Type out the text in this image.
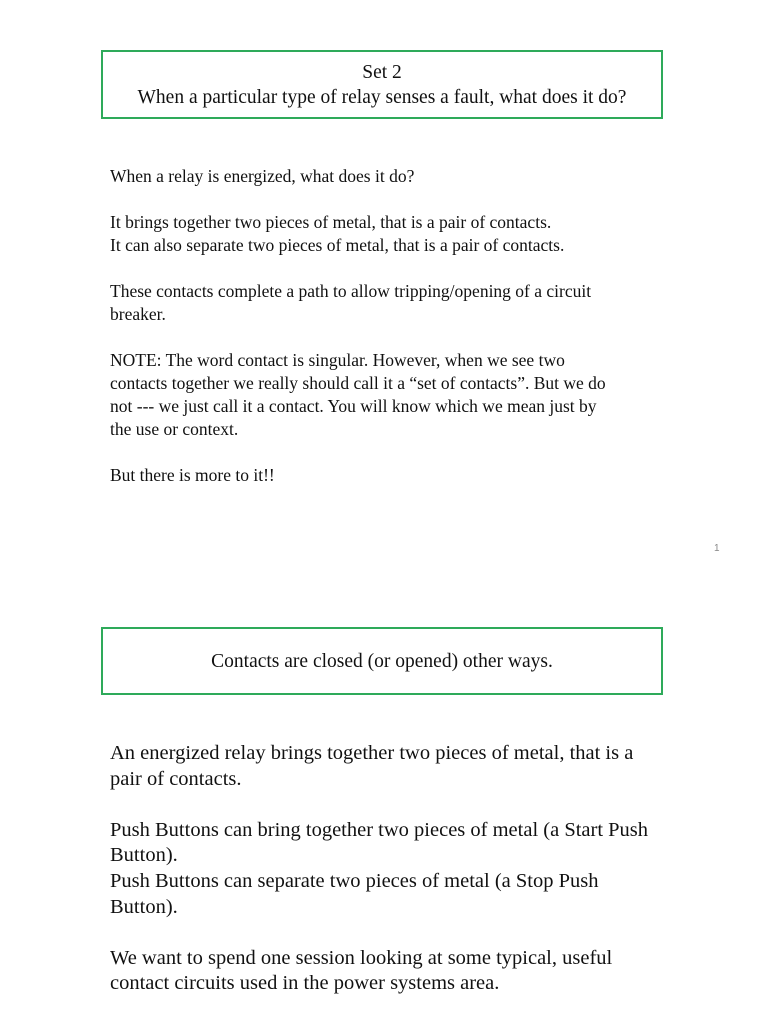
Set 2
When a particular type of relay senses a fault, what does it do?

When a relay is energized, what does it do?

It brings together two pieces of metal, that is a pair of contacts.
It can also separate two pieces of metal, that is a pair of contacts.

These contacts complete a path to allow tripping/opening of a circuit
breaker.

NOTE: The word contact is singular. However, when we see two
contacts together we really should call it a “set of contacts”. But we do
not --- we just call it a contact. You will know which we mean just by
the use or context.

But there is more to it!!

1
Contacts are closed (or opened) other ways.

An energized relay brings together two pieces of metal, that is a
pair of contacts.

Push Buttons can bring together two pieces of metal (a Start Push
Button).
Push Buttons can separate two pieces of metal (a Stop Push
Button).

We want to spend one session looking at some typical, useful
contact circuits used in the power systems area.
